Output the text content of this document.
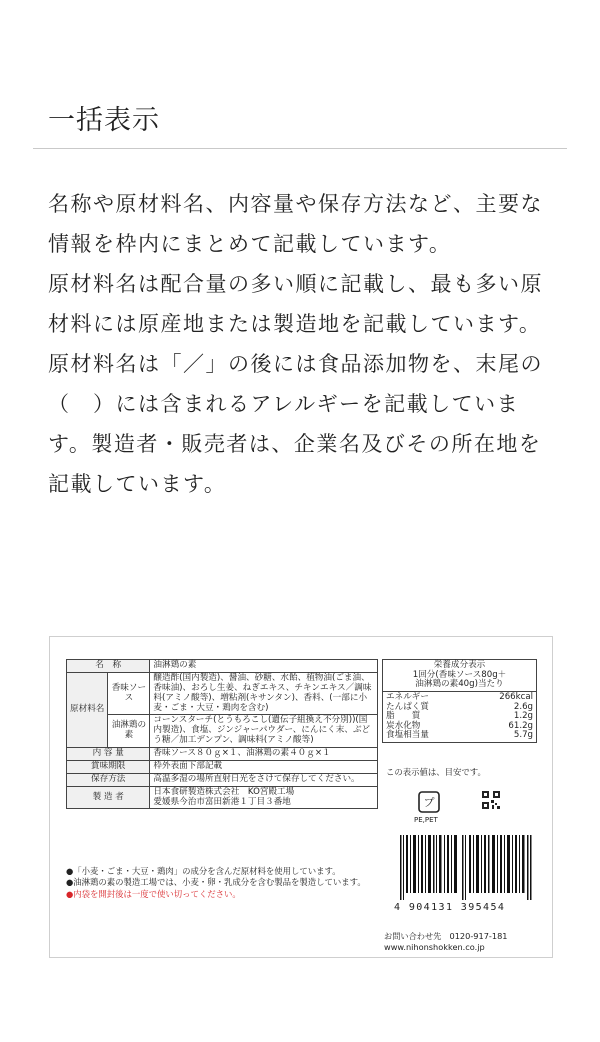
一括表示

名称や原材料名、内容量や保存方法など、主要な情報を枠内にまとめて記載しています。

原材料名は配合量の多い順に記載し、最も多い原材料には原産地または製造地を記載しています。

原材料名は「／」の後には食品添加物を、末尾の（　）には含まれるアレルギーを記載しています。製造者・販売者は、企業名及びその所在地を記載しています。

名　称		油淋鶏の素
原材料名	香味ソース	醸造酢(国内製造)、醤油、砂糖、水飴、植物油(ごま油、香味油)、おろし生姜、ねぎエキス、チキンエキス／調味料(アミノ酸等)、増粘剤(キサンタン)、香料、(一部に小麦・ごま・大豆・鶏肉を含む)
	油淋鶏の素	コーンスターチ(とうもろこし(遺伝子組換え不分別))(国内製造)、食塩、ジンジャーパウダー、にんにく末、ぶどう糖／加工デンプン、調味料(アミノ酸等)
内 容 量		香味ソース８０ｇ×１、油淋鶏の素４０ｇ×１
賞味期限		枠外表面下部記載
保存方法		高温多湿の場所直射日光をさけて保存してください。
製 造 者		日本食研製造株式会社　KO宮殿工場
愛媛県今治市富田新港１丁目３番地
●「小麦・ごま・大豆・鶏肉」の成分を含んだ原材料を使用しています。
●油淋鶏の素の製造工場では、小麦・卵・乳成分を含む製品を製造しています。
●内袋を開封後は一度で使い切ってください。
栄養成分表示
1回分(香味ソース80g＋
油淋鶏の素40g)当たり

エネルギー	266kcal
たんぱく質	2.6g
脂　　質	1.2g
炭水化物	61.2g
食塩相当量	5.7g
この表示値は、目安です。
プ
PE,PET
4 904131 395454
お問い合わせ先　0120-917-181
www.nihonshokken.co.jp
